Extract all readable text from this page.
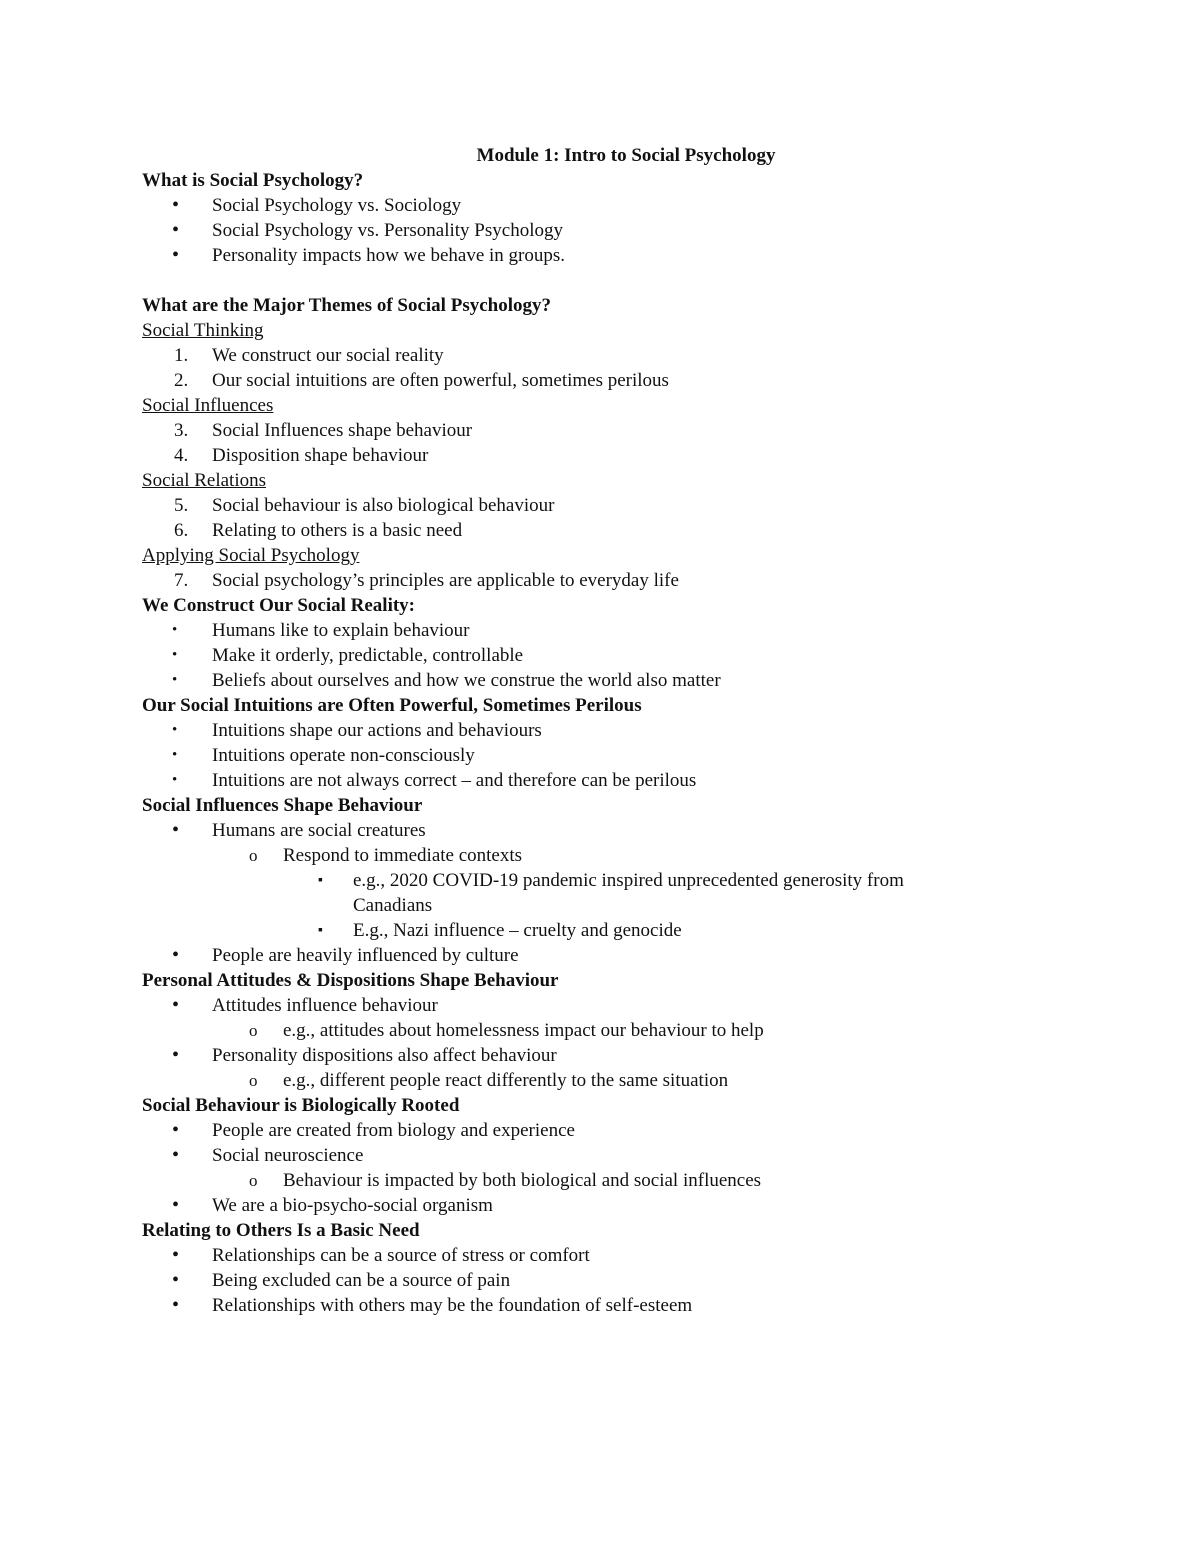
Module 1: Intro to Social Psychology
What is Social Psychology?
• Social Psychology vs. Sociology
• Social Psychology vs. Personality Psychology
• Personality impacts how we behave in groups.
What are the Major Themes of Social Psychology?
Social Thinking
1. We construct our social reality
2. Our social intuitions are often powerful, sometimes perilous
Social Influences
3. Social Influences shape behaviour
4. Disposition shape behaviour
Social Relations
5. Social behaviour is also biological behaviour
6. Relating to others is a basic need
Applying Social Psychology
7. Social psychology’s principles are applicable to everyday life
We Construct Our Social Reality:
• Humans like to explain behaviour
• Make it orderly, predictable, controllable
• Beliefs about ourselves and how we construe the world also matter
Our Social Intuitions are Often Powerful, Sometimes Perilous
• Intuitions shape our actions and behaviours
• Intuitions operate non-consciously
• Intuitions are not always correct – and therefore can be perilous
Social Influences Shape Behaviour
• Humans are social creatures
o Respond to immediate contexts
▪ e.g., 2020 COVID-19 pandemic inspired unprecedented generosity from
Canadians
▪ E.g., Nazi influence – cruelty and genocide
• People are heavily influenced by culture
Personal Attitudes & Dispositions Shape Behaviour
• Attitudes influence behaviour
o e.g., attitudes about homelessness impact our behaviour to help
• Personality dispositions also affect behaviour
o e.g., different people react differently to the same situation
Social Behaviour is Biologically Rooted
• People are created from biology and experience
• Social neuroscience
o Behaviour is impacted by both biological and social influences
• We are a bio-psycho-social organism
Relating to Others Is a Basic Need
• Relationships can be a source of stress or comfort
• Being excluded can be a source of pain
• Relationships with others may be the foundation of self-esteem
